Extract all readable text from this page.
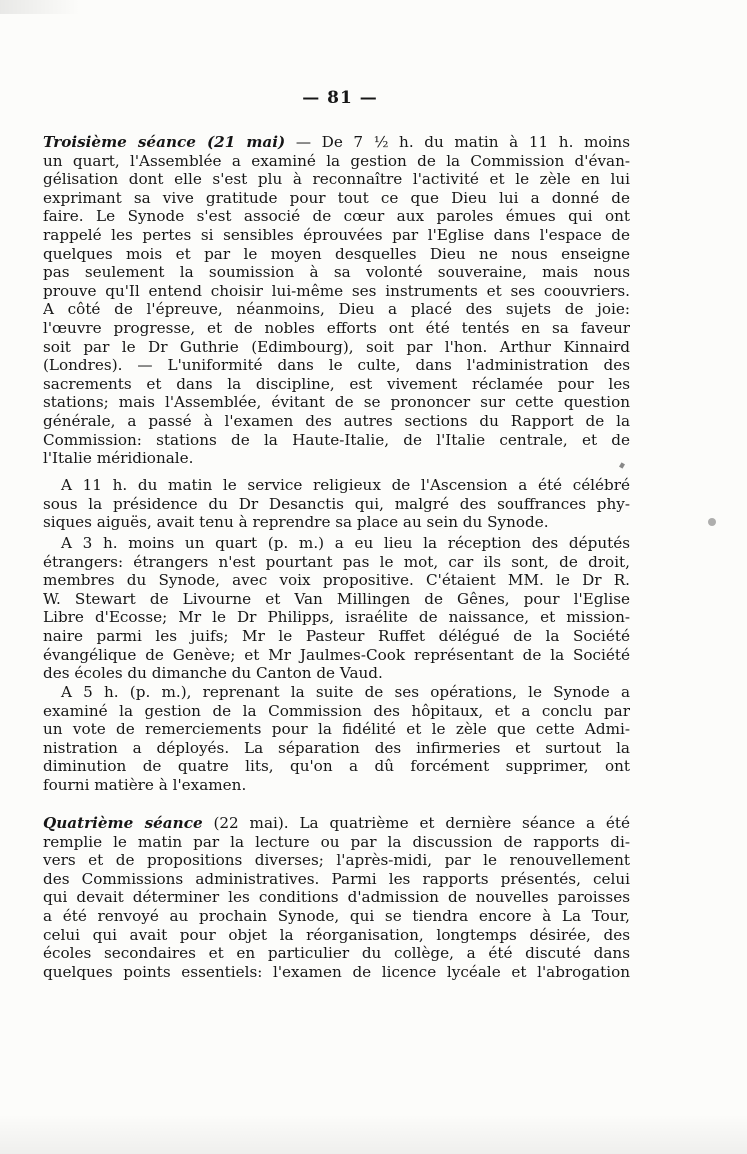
— 81 —
Troisième séance (21 mai) — De 7 ½ h. du matin à 11 h. moins
un quart, l'Assemblée a examiné la gestion de la Commission d'évan-
gélisation dont elle s'est plu à reconnaître l'activité et le zèle en lui
exprimant sa vive gratitude pour tout ce que Dieu lui a donné de
faire. Le Synode s'est associé de cœur aux paroles émues qui ont
rappelé les pertes si sensibles éprouvées par l'Eglise dans l'espace de
quelques mois et par le moyen desquelles Dieu ne nous enseigne
pas seulement la soumission à sa volonté souveraine, mais nous
prouve qu'Il entend choisir lui-même ses instruments et ses coouvriers.
A côté de l'épreuve, néanmoins, Dieu a placé des sujets de joie:
l'œuvre progresse, et de nobles efforts ont été tentés en sa faveur
soit par le Dr Guthrie (Edimbourg), soit par l'hon. Arthur Kinnaird
(Londres). — L'uniformité dans le culte, dans l'administration des
sacrements et dans la discipline, est vivement réclamée pour les
stations; mais l'Assemblée, évitant de se prononcer sur cette question
générale, a passé à l'examen des autres sections du Rapport de la
Commission: stations de la Haute-Italie, de l'Italie centrale, et de
l'Italie méridionale.
A 11 h. du matin le service religieux de l'Ascension a été célébré
sous la présidence du Dr Desanctis qui, malgré des souffrances phy-
siques aiguës, avait tenu à reprendre sa place au sein du Synode.
A 3 h. moins un quart (p. m.) a eu lieu la réception des députés
étrangers: étrangers n'est pourtant pas le mot, car ils sont, de droit,
membres du Synode, avec voix propositive. C'étaient MM. le Dr R.
W. Stewart de Livourne et Van Millingen de Gênes, pour l'Eglise
Libre d'Ecosse; Mr le Dr Philipps, israélite de naissance, et mission-
naire parmi les juifs; Mr le Pasteur Ruffet délégué de la Société
évangélique de Genève; et Mr Jaulmes-Cook représentant de la Société
des écoles du dimanche du Canton de Vaud.
A 5 h. (p. m.), reprenant la suite de ses opérations, le Synode a
examiné la gestion de la Commission des hôpitaux, et a conclu par
un vote de remerciements pour la fidélité et le zèle que cette Admi-
nistration a déployés. La séparation des infirmeries et surtout la
diminution de quatre lits, qu'on a dû forcément supprimer, ont
fourni matière à l'examen.
Quatrième séance (22 mai). La quatrième et dernière séance a été
remplie le matin par la lecture ou par la discussion de rapports di-
vers et de propositions diverses; l'après-midi, par le renouvellement
des Commissions administratives. Parmi les rapports présentés, celui
qui devait déterminer les conditions d'admission de nouvelles paroisses
a été renvoyé au prochain Synode, qui se tiendra encore à La Tour,
celui qui avait pour objet la réorganisation, longtemps désirée, des
écoles secondaires et en particulier du collège, a été discuté dans
quelques points essentiels: l'examen de licence lycéale et l'abrogation
